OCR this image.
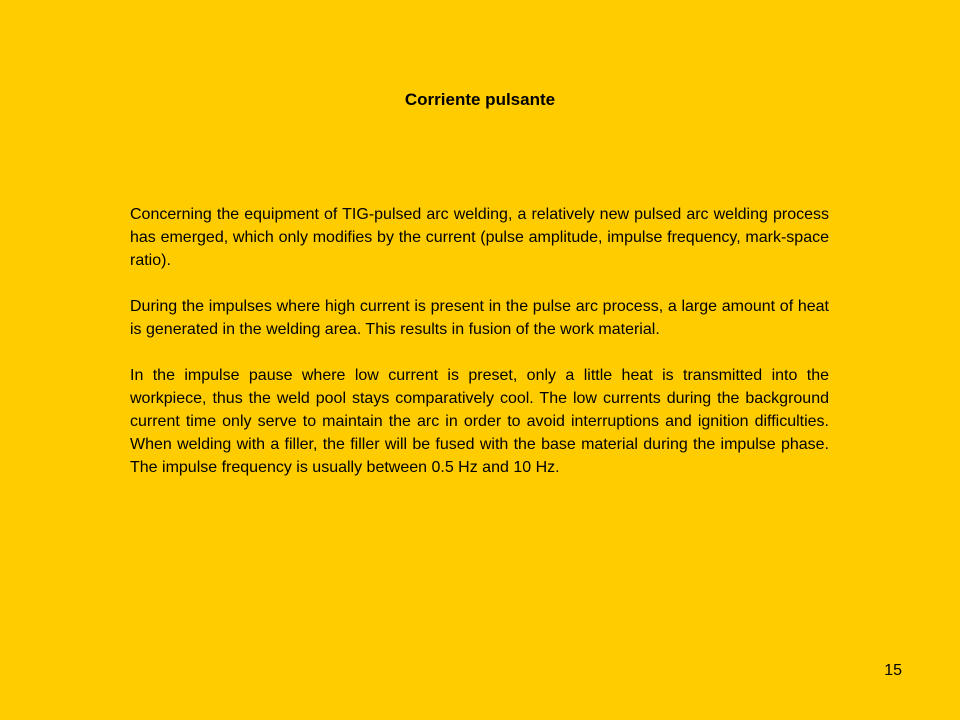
Corriente pulsante

Concerning the equipment of TIG-pulsed arc welding, a relatively new pulsed arc welding process has emerged, which only modifies by the current (pulse amplitude, impulse frequency, mark-space ratio).

During the impulses where high current is present in the pulse arc process, a large amount of heat is generated in the welding area. This results in fusion of the work material.

In the impulse pause where low current is preset, only a little heat is transmitted into the workpiece, thus the weld pool stays comparatively cool. The low currents during the background current time only serve to maintain the arc in order to avoid interruptions and ignition difficulties. When welding with a filler, the filler will be fused with the base material during the impulse phase. The impulse frequency is usually between 0.5 Hz and 10 Hz.

15
